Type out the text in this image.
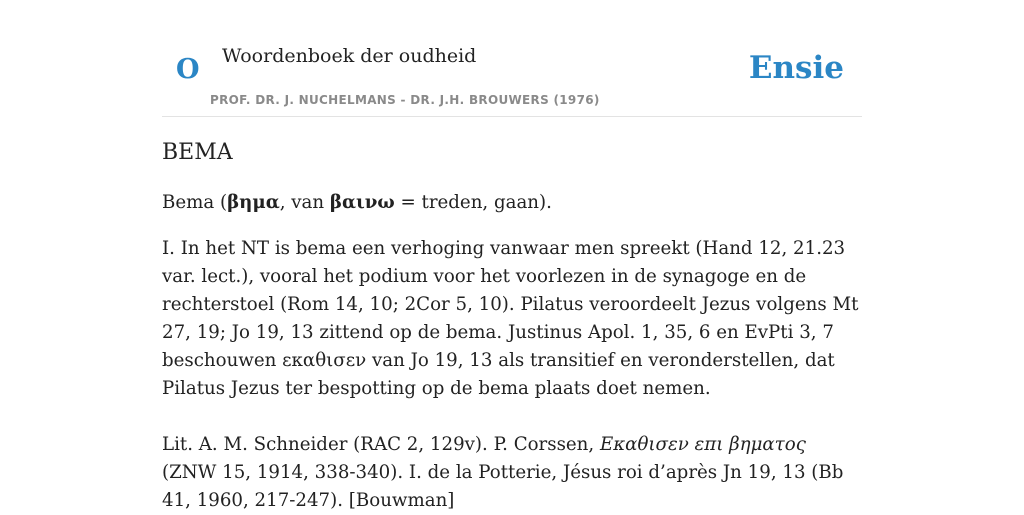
O Woordenboek der oudheid
PROF. DR. J. NUCHELMANS - DR. J.H. BROUWERS (1976)
Ensie
BEMA

Bema (βημα, van βαινω = treden, gaan).

I. In het NT is bema een verhoging vanwaar men spreekt (Hand 12, 21.23 var. lect.), vooral het podium voor het voorlezen in de synagoge en de rechterstoel (Rom 14, 10; 2Cor 5, 10). Pilatus veroordeelt Jezus volgens Mt 27, 19; Jo 19, 13 zittend op de bema. Justinus Apol. 1, 35, 6 en EvPti 3, 7 beschouwen εκαθισεν van Jo 19, 13 als transitief en veronderstellen, dat Pilatus Jezus ter bespotting op de bema plaats doet nemen.

Lit. A. M. Schneider (RAC 2, 129v). P. Corssen, Εκαθισεν επι βηματος (ZNW 15, 1914, 338-340). I. de la Potterie, Jésus roi d’après Jn 19, 13 (Bb 41, 1960, 217-247). [Bouwman]
